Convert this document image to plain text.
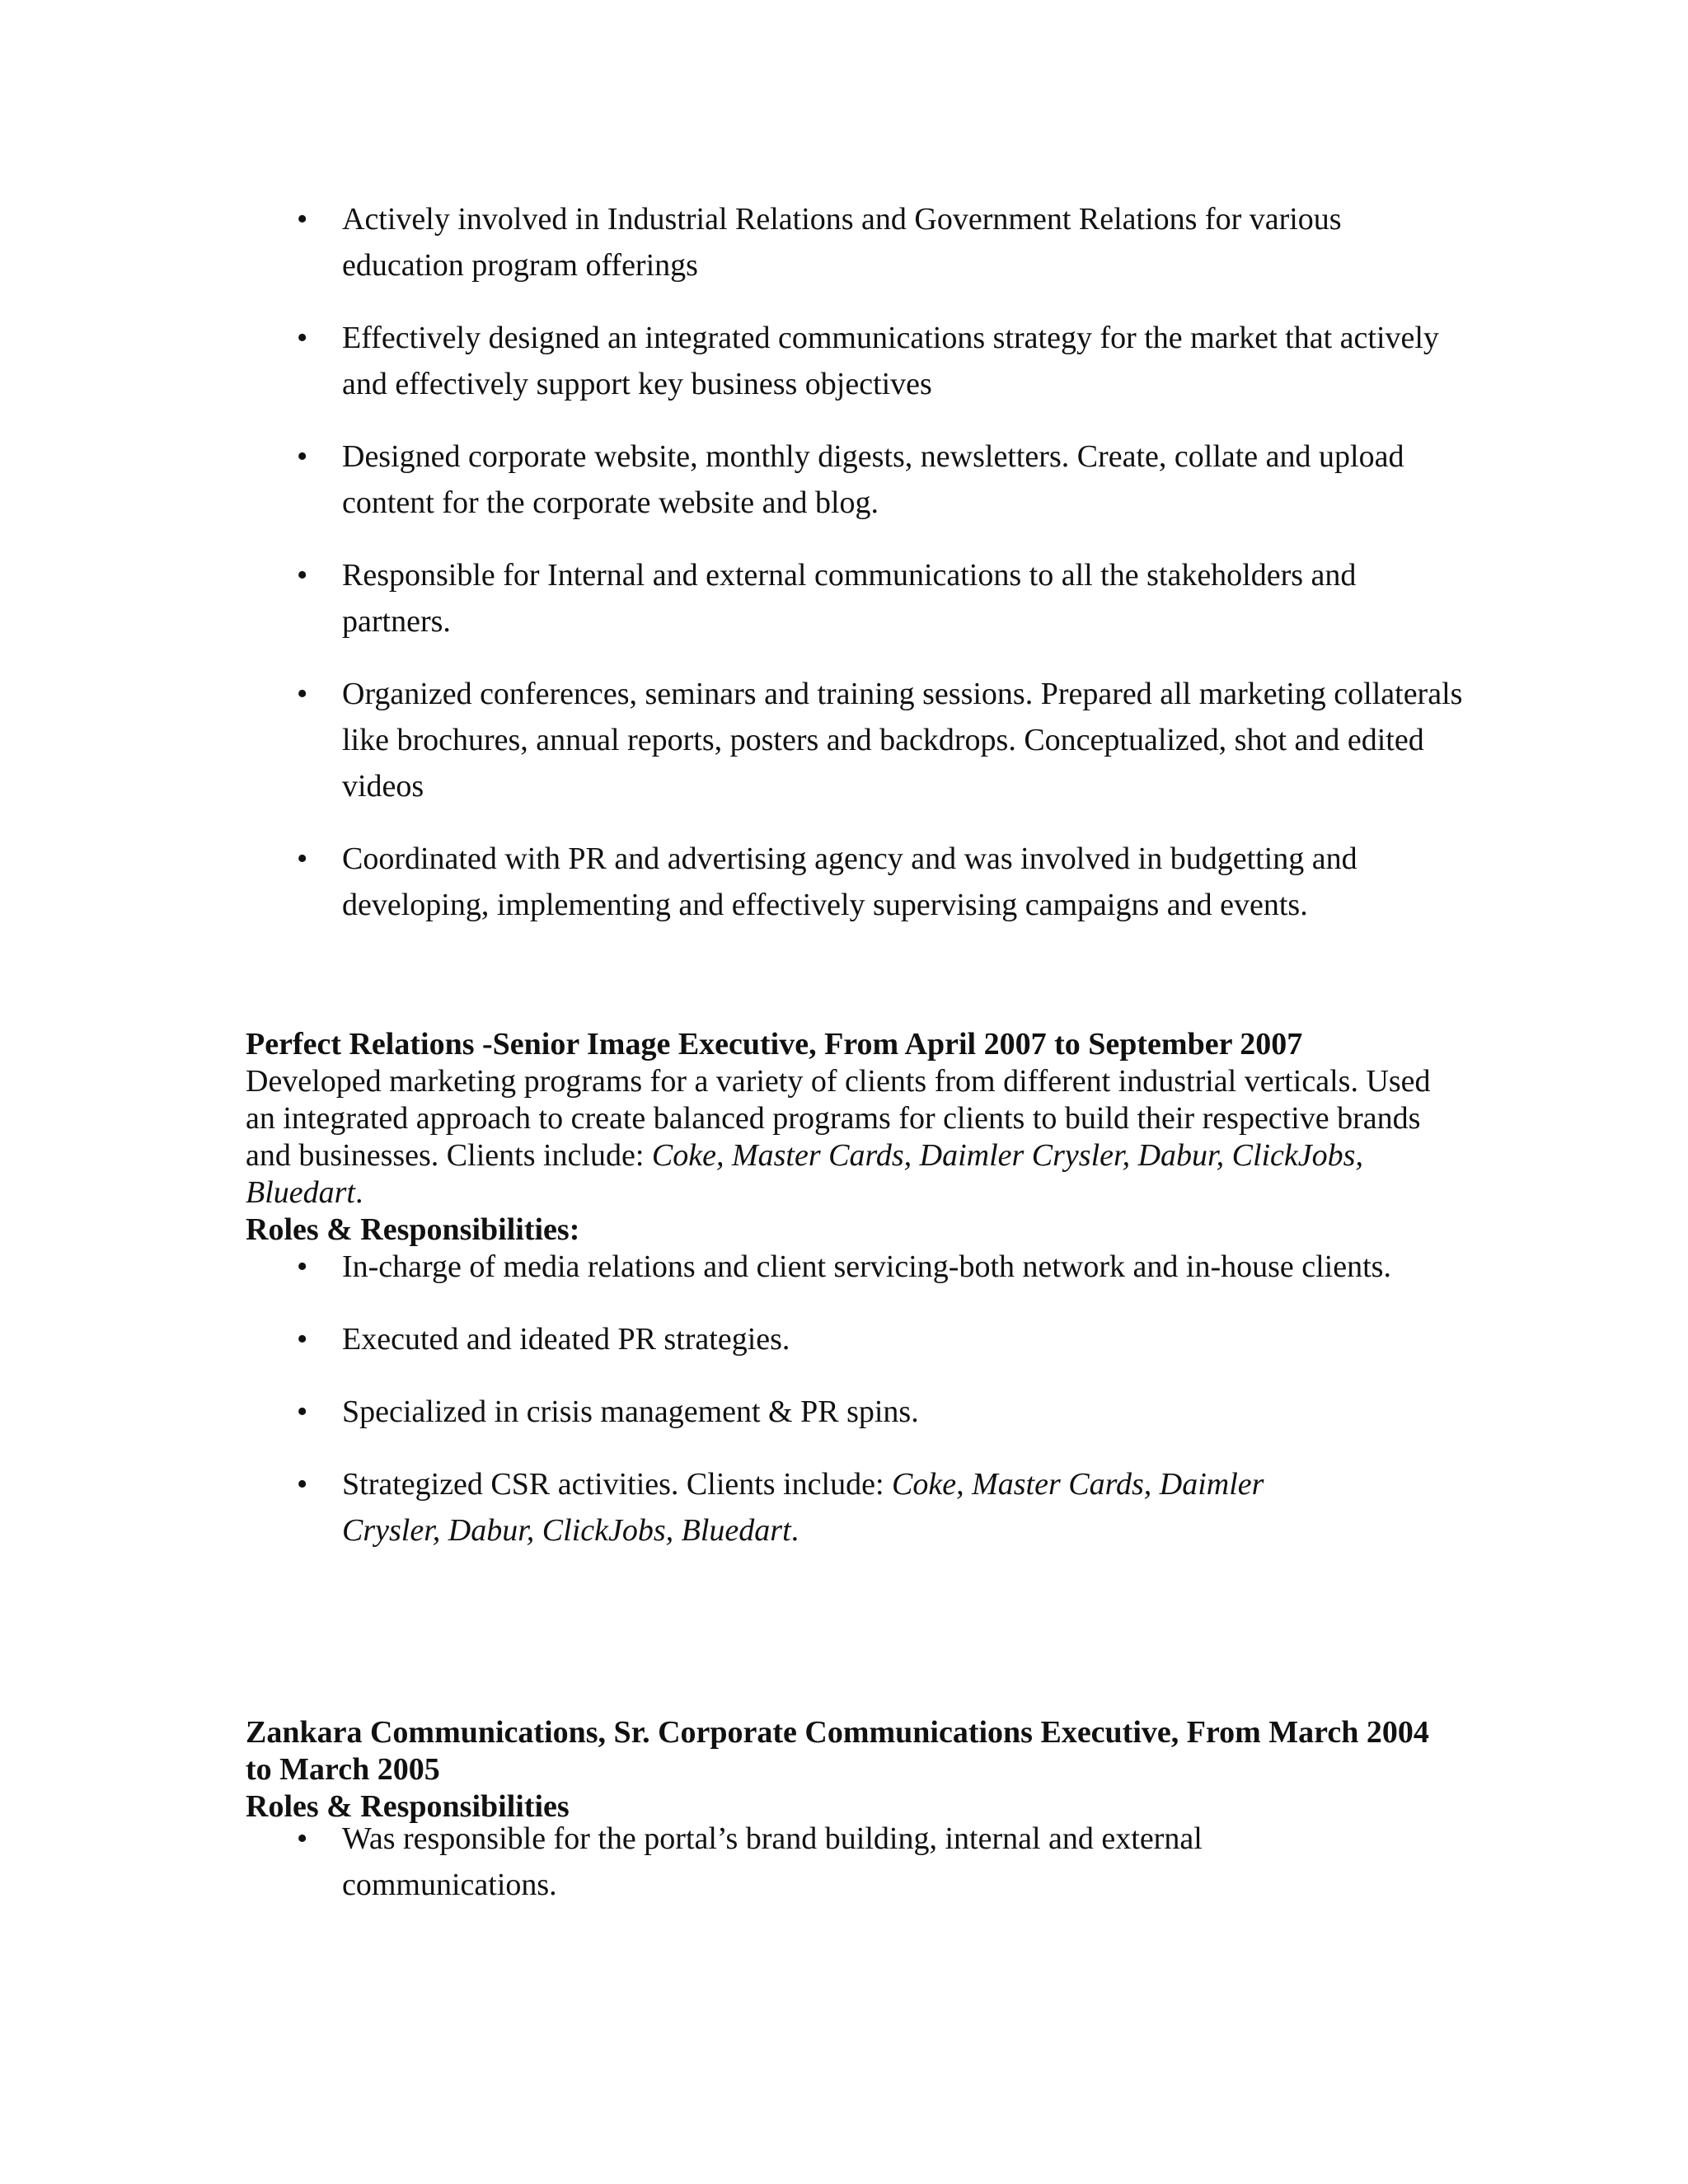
• Actively involved in Industrial Relations and Government Relations for various education program offerings
• Effectively designed an integrated communications strategy for the market that actively and effectively support key business objectives
• Designed corporate website, monthly digests, newsletters. Create, collate and upload content for the corporate website and blog.
• Responsible for Internal and external communications to all the stakeholders and partners.
• Organized conferences, seminars and training sessions. Prepared all marketing collaterals like brochures, annual reports, posters and backdrops. Conceptualized, shot and edited videos
• Coordinated with PR and advertising agency and was involved in budgetting and developing, implementing and effectively supervising campaigns and events.
Perfect Relations -Senior Image Executive, From April 2007 to September 2007
Developed marketing programs for a variety of clients from different industrial verticals. Used an integrated approach to create balanced programs for clients to build their respective brands and businesses. Clients include: Coke, Master Cards, Daimler Crysler, Dabur, ClickJobs, Bluedart.
Roles & Responsibilities:
• In-charge of media relations and client servicing-both network and in-house clients.
• Executed and ideated PR strategies.
• Specialized in crisis management & PR spins.
• Strategized CSR activities. Clients include: Coke, Master Cards, Daimler Crysler, Dabur, ClickJobs, Bluedart.
Zankara Communications, Sr. Corporate Communications Executive, From March 2004 to March 2005
Roles & Responsibilities
• Was responsible for the portal’s brand building, internal and external communications.
